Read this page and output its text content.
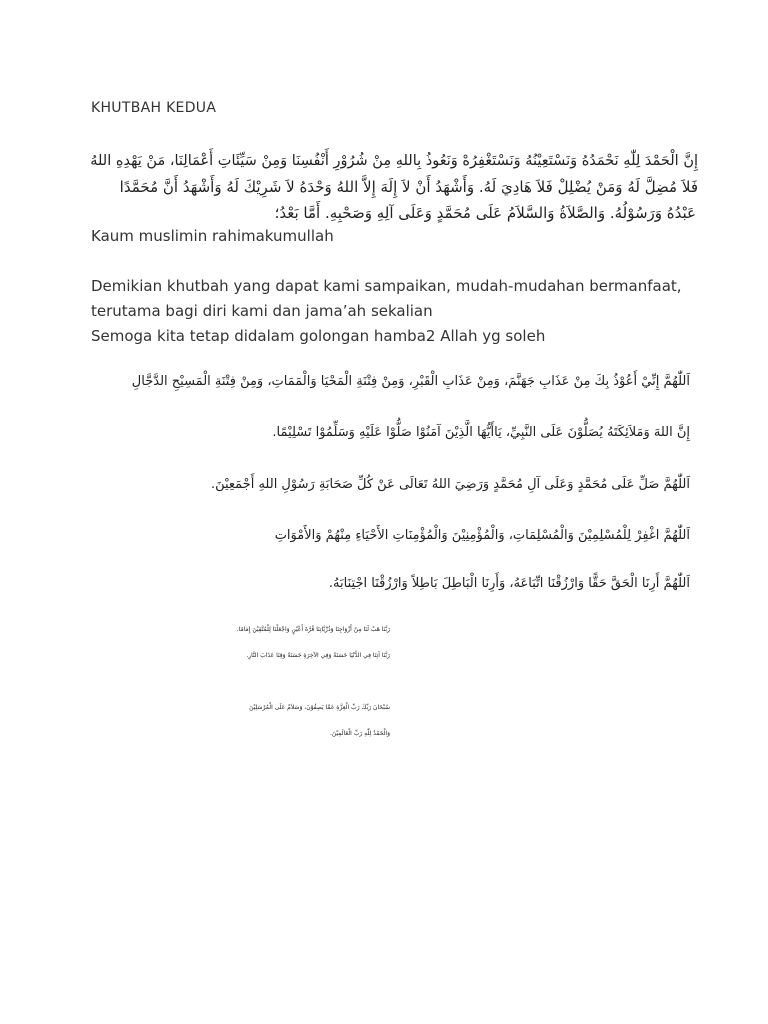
KHUTBAH KEDUA
إِنَّ الْحَمْدَ لِلّٰهِ نَحْمَدُهُ وَنَسْتَعِيْنُهُ وَنَسْتَغْفِرُهْ وَنَعُوذُ بِاللهِ مِنْ شُرُوْرِ أَنْفُسِنَا وَمِنْ سَيِّئَاتِ أَعْمَالِنَا، مَنْ يَهْدِهِ اللهُ
فَلاَ مُضِلَّ لَهُ وَمَنْ يُضْلِلْ فَلاَ هَادِيَ لَهُ. وَأَشْهَدُ أَنْ لاَ إِلَهَ إِلاَّ اللهُ وَحْدَهُ لاَ شَرِيْكَ لَهُ وَأَشْهَدُ أَنَّ مُحَمَّدًا
عَبْدُهُ وَرَسُوْلُهُ. وَالصَّلاَةُ وَالسَّلاَمُ عَلَى مُحَمَّدٍ وَعَلَى آلِهِ وَصَحْبِهِ. أَمَّا بَعْدُ؛
Kaum muslimin rahimakumullah
Demikian khutbah yang dapat kami sampaikan, mudah-mudahan bermanfaat,
terutama bagi diri kami dan jama’ah sekalian
Semoga kita tetap didalam golongan hamba2 Allah yg soleh
اَللّٰهُمَّ إِنِّيْ أَعُوْذُ بِكَ مِنْ عَذَابِ جَهَنَّمَ، وَمِنْ عَذَابِ الْقَبْرِ، وَمِنْ فِتْنَةِ الْمَحْيَا وَالْمَمَاتِ، وَمِنْ فِتْنَةِ الْمَسِيْحِ الدَّجَّالِ
إِنَّ اللهَ وَمَلاَئِكَتَهُ يُصَلُّوْنَ عَلَى النَّبِيِّ، يَاأَيُّهَا الَّذِيْنَ آمَنُوْا صَلُّوْا عَلَيْهِ وَسَلِّمُوْا تَسْلِيْمًا.
اَللّٰهُمَّ صَلِّ عَلَى مُحَمَّدٍ وَعَلَى آلِ مُحَمَّدٍ وَرَضِيَ اللهُ تَعَالَى عَنْ كُلِّ صَحَابَةِ رَسُوْلِ اللهِ أَجْمَعِيْنَ.
اَللّٰهُمَّ اغْفِرْ لِلْمُسْلِمِيْنَ وَالْمُسْلِمَاتِ، وَالْمُؤْمِنِيْنَ وَالْمُؤْمِنَاتِ الأَحْيَاءِ مِنْهُمْ وَالأَمْوَاتِ
اَللّٰهُمَّ أَرِنَا الْحَقَّ حَقًّا وَارْزُقْنَا اتِّبَاعَهُ، وَأَرِنَا الْبَاطِلَ بَاطِلاً وَارْزُقْنَا اجْتِنَابَهُ.
رَبَّنَا هَبْ لَنَا مِنْ أَزْوَاجِنَا وَذُرِّيَّاتِنَا قُرَّةَ أَعْيُنٍ وَاجْعَلْنَا لِلْمُتَّقِيْنَ إِمَامًا.
رَبَّنَا آتِنَا فِي الدُّنْيَا حَسَنَةً وَفِي الآخِرَةِ حَسَنَةً وَقِنَا عَذَابَ النَّارِ.
سُبْحَانَ رَبِّكَ رَبِّ الْعِزَّةِ عَمَّا يَصِفُوْنَ، وَسَلاَمٌ عَلَى الْمُرْسَلِيْنَ
وَالْحَمْدُ لِلّٰهِ رَبِّ الْعَالَمِيْنَ.
